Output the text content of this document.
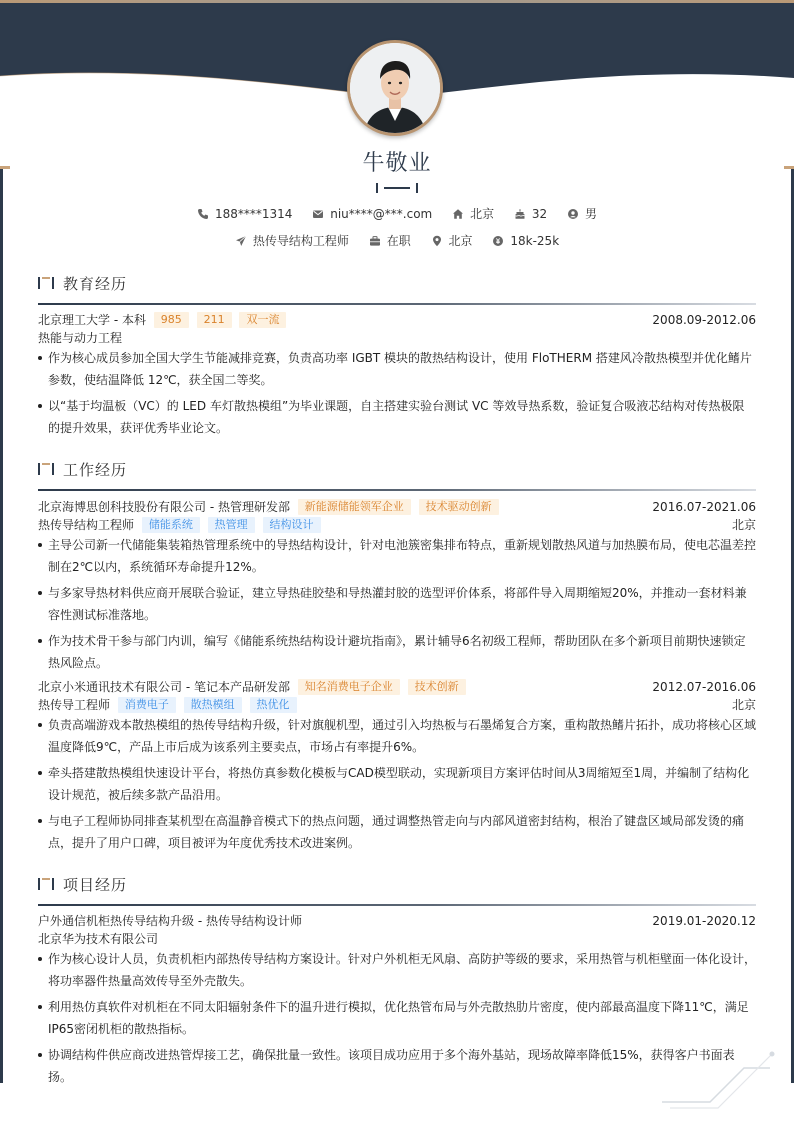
牛敬业
188****1314
	niu****@***.com
	北京
	32
	男
热传导结构工程师
	在职
	北京
	18k-25k
教育经历
北京理工大学 - 本科 985 211 双一流	2008.09-2012.06
热能与动力工程
作为核心成员参加全国大学生节能减排竞赛，负责高功率 IGBT 模块的散热结构设计，使用 FloTHERM 搭建风冷散热模型并优化鳍片参数，使结温降低 12℃，获全国二等奖。
以“基于均温板（VC）的 LED 车灯散热模组”为毕业课题，自主搭建实验台测试 VC 等效导热系数，验证复合吸液芯结构对传热极限的提升效果，获评优秀毕业论文。
工作经历
北京海博思创科技股份有限公司 - 热管理研发部 新能源储能领军企业 技术驱动创新	2016.07-2021.06
热传导结构工程师 储能系统 热管理 结构设计	北京
主导公司新一代储能集装箱热管理系统中的导热结构设计，针对电池簇密集排布特点，重新规划散热风道与加热膜布局，使电芯温差控制在2℃以内，系统循环寿命提升12%。
与多家导热材料供应商开展联合验证，建立导热硅胶垫和导热灌封胶的选型评价体系，将部件导入周期缩短20%，并推动一套材料兼容性测试标准落地。
作为技术骨干参与部门内训，编写《储能系统热结构设计避坑指南》，累计辅导6名初级工程师，帮助团队在多个新项目前期快速锁定热风险点。
北京小米通讯技术有限公司 - 笔记本产品研发部 知名消费电子企业 技术创新	2012.07-2016.06
热传导工程师 消费电子 散热模组 热优化	北京
负责高端游戏本散热模组的热传导结构升级，针对旗舰机型，通过引入均热板与石墨烯复合方案，重构散热鳍片拓扑，成功将核心区域温度降低9℃，产品上市后成为该系列主要卖点，市场占有率提升6%。
牵头搭建散热模组快速设计平台，将热仿真参数化模板与CAD模型联动，实现新项目方案评估时间从3周缩短至1周，并编制了结构化设计规范，被后续多款产品沿用。
与电子工程师协同排查某机型在高温静音模式下的热点问题，通过调整热管走向与内部风道密封结构，根治了键盘区域局部发烫的痛点，提升了用户口碑，项目被评为年度优秀技术改进案例。
项目经历
户外通信机柜热传导结构升级 - 热传导结构设计师	2019.01-2020.12
北京华为技术有限公司
作为核心设计人员，负责机柜内部热传导结构方案设计。针对户外机柜无风扇、高防护等级的要求，采用热管与机柜壁面一体化设计，将功率器件热量高效传导至外壳散失。
利用热仿真软件对机柜在不同太阳辐射条件下的温升进行模拟，优化热管布局与外壳散热肋片密度，使内部最高温度下降11℃，满足IP65密闭机柜的散热指标。
协调结构件供应商改进热管焊接工艺，确保批量一致性。该项目成功应用于多个海外基站，现场故障率降低15%，获得客户书面表扬。
